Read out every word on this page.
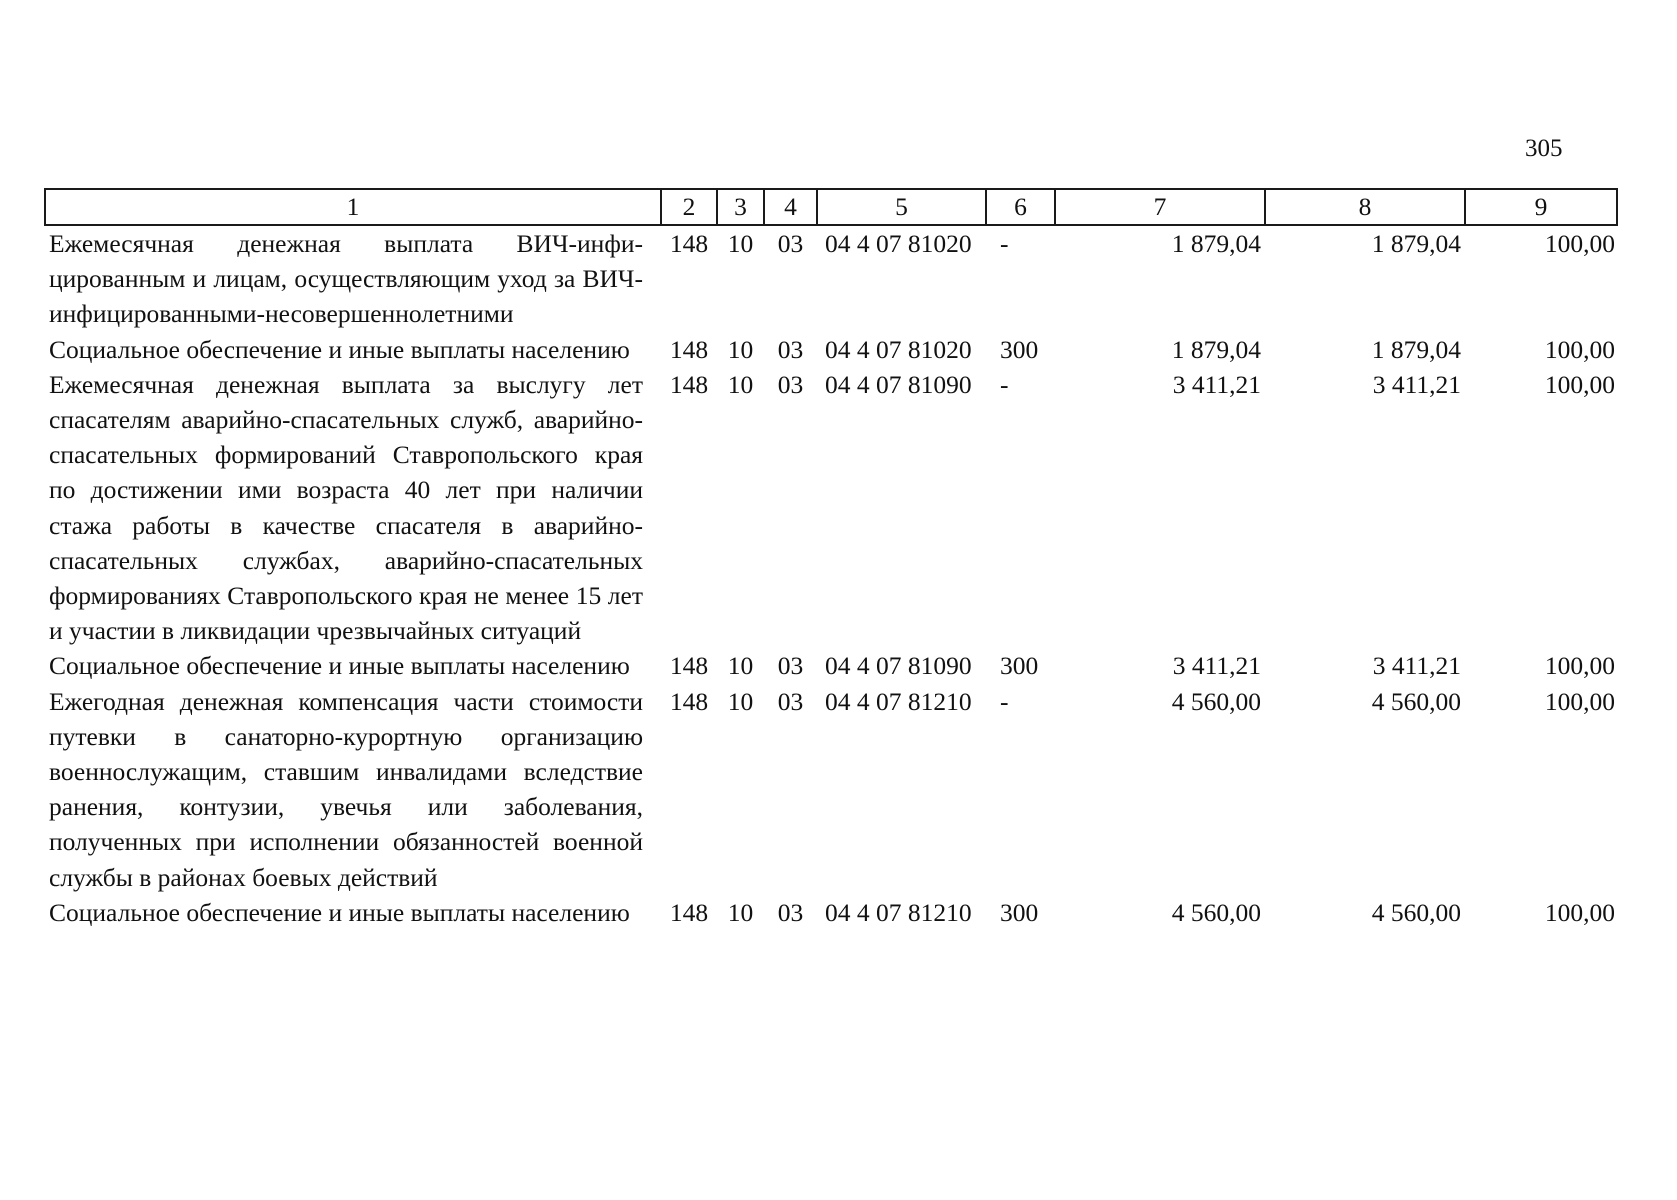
305
1	2	3	4	5	6	7	8	9
Ежемесячная денежная выплата ВИЧ-инфи-цированным и лицам, осуществляющим уход за ВИЧ-инфицированными-несовершеннолетними	148	10	03	04 4 07 81020	-	1 879,04	1 879,04	100,00
Социальное обеспечение и иные выплаты населению	148	10	03	04 4 07 81020	300	1 879,04	1 879,04	100,00
Ежемесячная денежная выплата за выслугу лет спасателям аварийно-спасательных служб, аварийно-спасательных формирований Ставропольского края по достижении ими возраста 40 лет при наличии стажа работы в качестве спасателя в аварийно-спасательных службах, аварийно-спасательных формированиях Ставропольского края не менее 15 лет и участии в ликвидации чрезвычайных ситуаций	148	10	03	04 4 07 81090	-	3 411,21	3 411,21	100,00
Социальное обеспечение и иные выплаты населению	148	10	03	04 4 07 81090	300	3 411,21	3 411,21	100,00
Ежегодная денежная компенсация части стоимости путевки в санаторно-курортную организацию военнослужащим, ставшим инвалидами вследствие ранения, контузии, увечья или заболевания, полученных при исполнении обязанностей военной службы в районах боевых действий	148	10	03	04 4 07 81210	-	4 560,00	4 560,00	100,00
Социальное обеспечение и иные выплаты населению	148	10	03	04 4 07 81210	300	4 560,00	4 560,00	100,00
